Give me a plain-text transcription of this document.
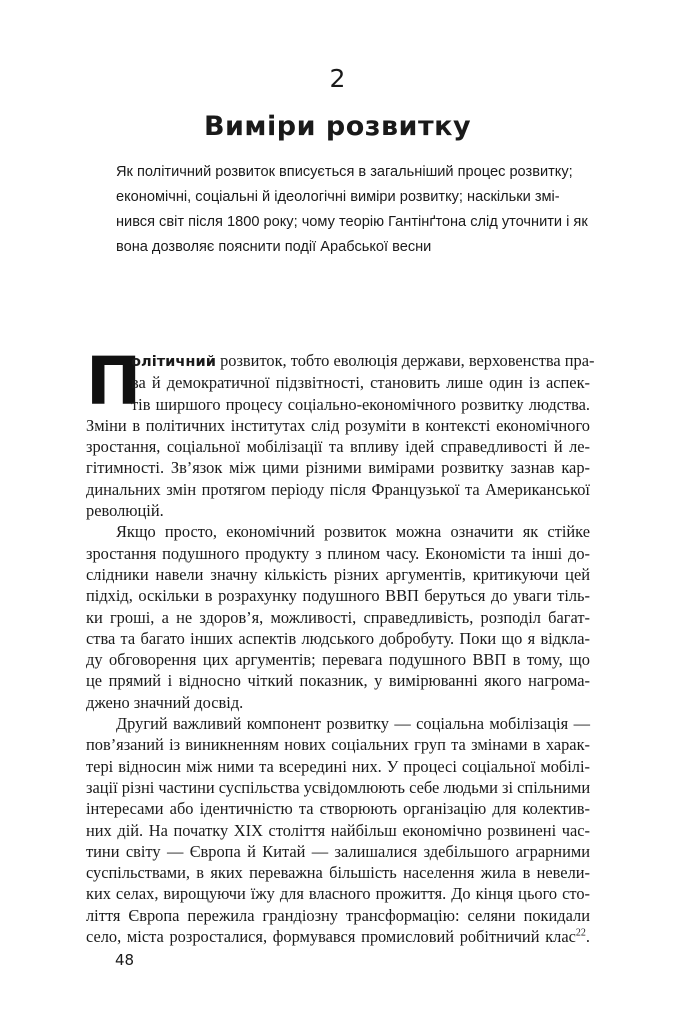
2
Виміри розвитку
Як політичний розвиток вписується в загальніший процес розвитку;
економічні, соціальні й ідеологічні виміри розвитку; наскільки змі-
нився світ після 1800 року; чому теорію Гантінґтона слід уточнити і як
вона дозволяє пояснити події Арабської весни
П
олітичний розвиток, тобто еволюція держави, верховенства пра-
ва й демократичної підзвітності, становить лише один із аспек-
тів ширшого процесу соціально-економічного розвитку людства.
Зміни в політичних інститутах слід розуміти в контексті економічного
зростання, соціальної мобілізації та впливу ідей справедливості й ле-
гітимності. Зв’язок між цими різними вимірами розвитку зазнав кар-
динальних змін протягом періоду після Французької та Американської
революцій.
Якщо просто, економічний розвиток можна означити як стійке
зростання подушного продукту з плином часу. Економісти та інші до-
слідники навели значну кількість різних аргументів, критикуючи цей
підхід, оскільки в розрахунку подушного ВВП беруться до уваги тіль-
ки гроші, а не здоров’я, можливості, справедливість, розподіл багат-
ства та багато інших аспектів людського добробуту. Поки що я відкла-
ду обговорення цих аргументів; перевага подушного ВВП в тому, що
це прямий і відносно чіткий показник, у вимірюванні якого нагрома-
джено значний досвід.
Другий важливий компонент розвитку — соціальна мобілізація —
пов’язаний із виникненням нових соціальних груп та змінами в харак-
тері відносин між ними та всередині них. У процесі соціальної мобілі-
зації різні частини суспільства усвідомлюють себе людьми зі спільними
інтересами або ідентичністю та створюють організацію для колектив-
них дій. На початку XIX століття найбільш економічно розвинені час-
тини світу — Європа й Китай — залишалися здебільшого аграрними
суспільствами, в яких переважна більшість населення жила в невели-
ких селах, вирощуючи їжу для власного прожиття. До кінця цього сто-
ліття Європа пережила грандіозну трансформацію: селяни покидали
село, міста розросталися, формувався промисловий робітничий клас$^{22}$.
48
